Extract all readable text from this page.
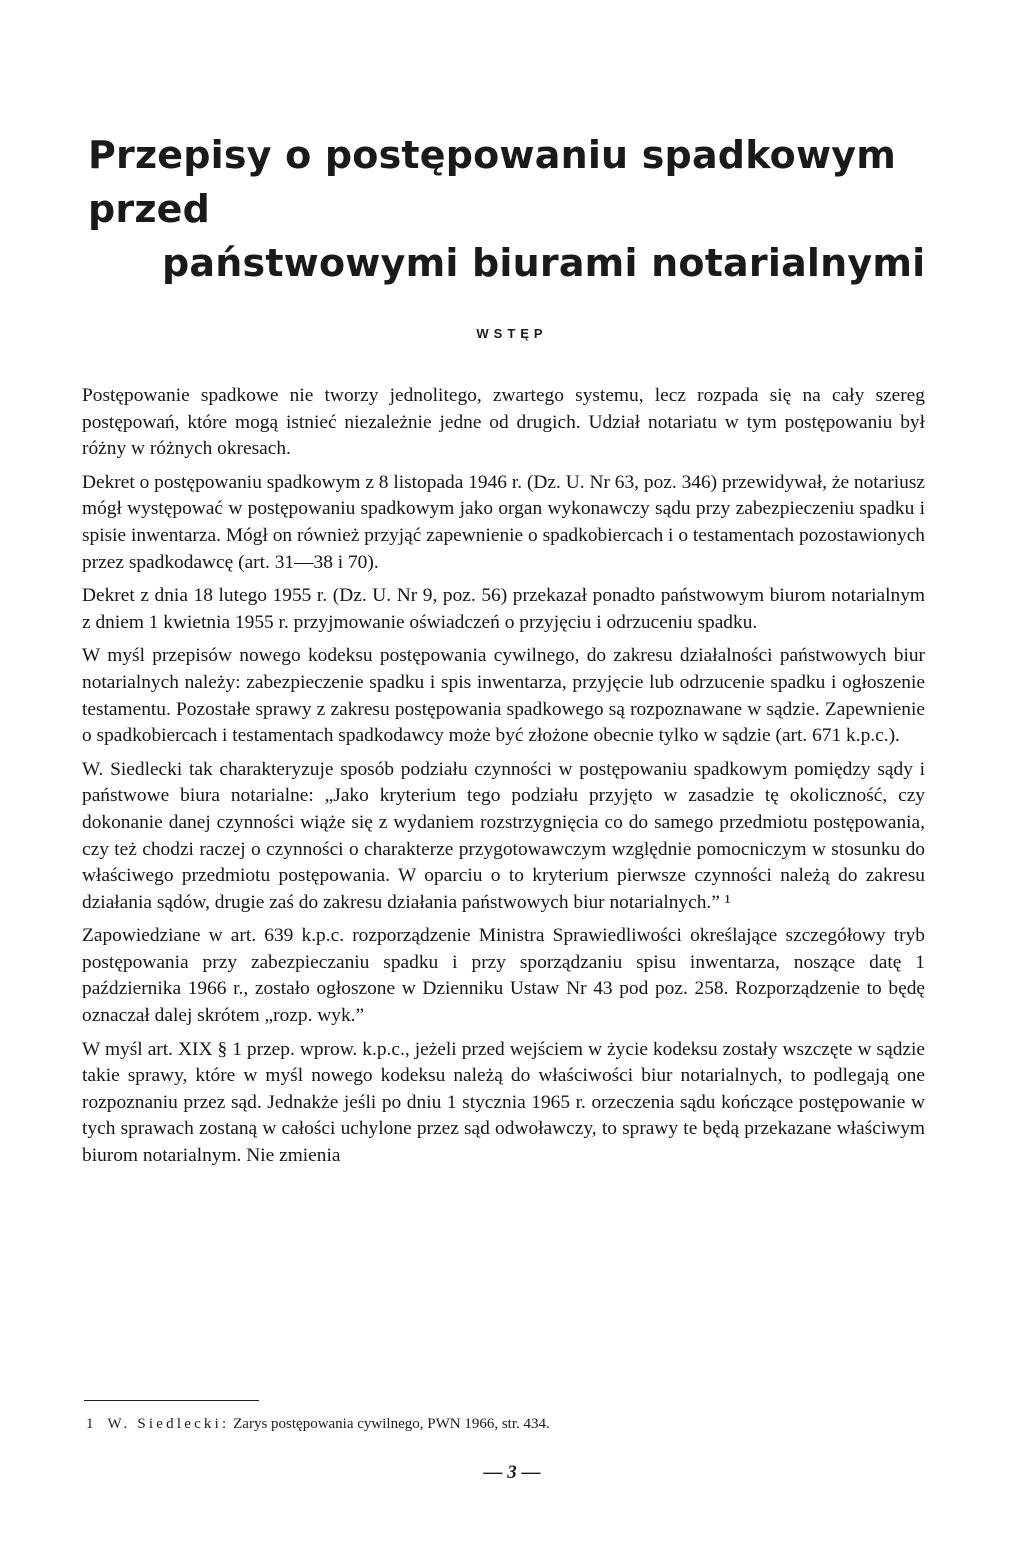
Przepisy o postępowaniu spadkowym przed
państwowymi biurami notarialnymi
WSTĘP

Postępowanie spadkowe nie tworzy jednolitego, zwartego systemu, lecz rozpada się na cały szereg postępowań, które mogą istnieć niezależnie jedne od drugich. Udział notariatu w tym postępowaniu był różny w różnych okresach.

Dekret o postępowaniu spadkowym z 8 listopada 1946 r. (Dz. U. Nr 63, poz. 346) przewidywał, że notariusz mógł występować w postępowaniu spadkowym jako organ wykonawczy sądu przy zabezpieczeniu spadku i spisie inwentarza. Mógł on również przyjąć zapewnienie o spadkobiercach i o testamentach pozostawionych przez spadkodawcę (art. 31—38 i 70).

Dekret z dnia 18 lutego 1955 r. (Dz. U. Nr 9, poz. 56) przekazał ponadto państwowym biurom notarialnym z dniem 1 kwietnia 1955 r. przyjmowanie oświadczeń o przyjęciu i odrzuceniu spadku.

W myśl przepisów nowego kodeksu postępowania cywilnego, do zakresu działalności państwowych biur notarialnych należy: zabezpieczenie spadku i spis inwentarza, przyjęcie lub odrzucenie spadku i ogłoszenie testamentu. Pozostałe sprawy z zakresu postępowania spadkowego są rozpoznawane w sądzie. Zapewnienie o spadkobiercach i testamentach spadkodawcy może być złożone obecnie tylko w sądzie (art. 671 k.p.c.).

W. Siedlecki tak charakteryzuje sposób podziału czynności w postępowaniu spadkowym pomiędzy sądy i państwowe biura notarialne: „Jako kryterium tego podziału przyjęto w zasadzie tę okoliczność, czy dokonanie danej czynności wiąże się z wydaniem rozstrzygnięcia co do samego przedmiotu postępowania, czy też chodzi raczej o czynności o charakterze przygotowawczym względnie pomocniczym w stosunku do właściwego przedmiotu postępowania. W oparciu o to kryterium pierwsze czynności należą do zakresu działania sądów, drugie zaś do zakresu działania państwowych biur notarialnych.” ¹

Zapowiedziane w art. 639 k.p.c. rozporządzenie Ministra Sprawiedliwości określające szczegółowy tryb postępowania przy zabezpieczaniu spadku i przy sporządzaniu spisu inwentarza, noszące datę 1 października 1966 r., zostało ogłoszone w Dzienniku Ustaw Nr 43 pod poz. 258. Rozporządzenie to będę oznaczał dalej skrótem „rozp. wyk.”

W myśl art. XIX § 1 przep. wprow. k.p.c., jeżeli przed wejściem w życie kodeksu zostały wszczęte w sądzie takie sprawy, które w myśl nowego kodeksu należą do właściwości biur notarialnych, to podlegają one rozpoznaniu przez sąd. Jednakże jeśli po dniu 1 stycznia 1965 r. orzeczenia sądu kończące postępowanie w tych sprawach zostaną w całości uchylone przez sąd odwoławczy, to sprawy te będą przekazane właściwym biurom notarialnym. Nie zmienia

1 W. Siedlecki: Zarys postępowania cywilnego, PWN 1966, str. 434.

— 3 —
